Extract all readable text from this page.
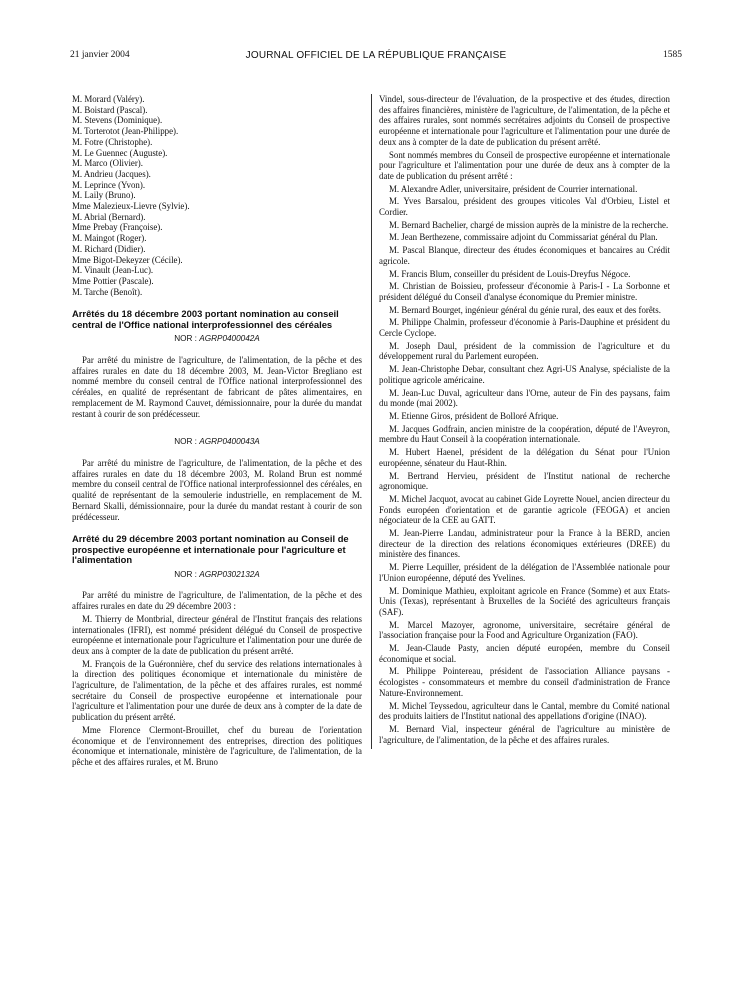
21 janvier 2004	JOURNAL OFFICIEL DE LA RÉPUBLIQUE FRANÇAISE	1585
M. Morard (Valéry).
M. Boistard (Pascal).
M. Stevens (Dominique).
M. Torterotot (Jean-Philippe).
M. Fotre (Christophe).
M. Le Guennec (Auguste).
M. Marco (Olivier).
M. Andrieu (Jacques).
M. Leprince (Yvon).
M. Laily (Bruno).
Mme Malezieux-Lievre (Sylvie).
M. Abrial (Bernard).
Mme Prebay (Françoise).
M. Maingot (Roger).
M. Richard (Didier).
Mme Bigot-Dekeyzer (Cécile).
M. Vinault (Jean-Luc).
Mme Pottier (Pascale).
M. Tarche (Benoît).
Arrêtés du 18 décembre 2003 portant nomination au conseil central de l'Office national interprofessionnel des céréales
NOR : AGRP0400042A

Par arrêté du ministre de l'agriculture, de l'alimentation, de la pêche et des affaires rurales en date du 18 décembre 2003, M. Jean-Victor Bregliano est nommé membre du conseil central de l'Office national interprofessionnel des céréales, en qualité de représentant de fabricant de pâtes alimentaires, en remplacement de M. Raymond Cauvet, démissionnaire, pour la durée du mandat restant à courir de son prédécesseur.

NOR : AGRP0400043A

Par arrêté du ministre de l'agriculture, de l'alimentation, de la pêche et des affaires rurales en date du 18 décembre 2003, M. Roland Brun est nommé membre du conseil central de l'Office national interprofessionnel des céréales, en qualité de représentant de la semoulerie industrielle, en remplacement de M. Bernard Skalli, démissionnaire, pour la durée du mandat restant à courir de son prédécesseur.

Arrêté du 29 décembre 2003 portant nomination au Conseil de prospective européenne et internationale pour l'agriculture et l'alimentation
NOR : AGRP0302132A

Par arrêté du ministre de l'agriculture, de l'alimentation, de la pêche et des affaires rurales en date du 29 décembre 2003 :

M. Thierry de Montbrial, directeur général de l'Institut français des relations internationales (IFRI), est nommé président délégué du Conseil de prospective européenne et internationale pour l'agriculture et l'alimentation pour une durée de deux ans à compter de la date de publication du présent arrêté.

M. François de la Guéronnière, chef du service des relations internationales à la direction des politiques économique et internationale du ministère de l'agriculture, de l'alimentation, de la pêche et des affaires rurales, est nommé secrétaire du Conseil de prospective européenne et internationale pour l'agriculture et l'alimentation pour une durée de deux ans à compter de la date de publication du présent arrêté.

Mme Florence Clermont-Brouillet, chef du bureau de l'orientation économique et de l'environnement des entreprises, direction des politiques économique et internationale, ministère de l'agriculture, de l'alimentation, de la pêche et des affaires rurales, et M. Bruno

Vindel, sous-directeur de l'évaluation, de la prospective et des études, direction des affaires financières, ministère de l'agriculture, de l'alimentation, de la pêche et des affaires rurales, sont nommés secrétaires adjoints du Conseil de prospective européenne et internationale pour l'agriculture et l'alimentation pour une durée de deux ans à compter de la date de publication du présent arrêté.

Sont nommés membres du Conseil de prospective européenne et internationale pour l'agriculture et l'alimentation pour une durée de deux ans à compter de la date de publication du présent arrêté :

M. Alexandre Adler, universitaire, président de Courrier international.

M. Yves Barsalou, président des groupes viticoles Val d'Orbieu, Listel et Cordier.

M. Bernard Bachelier, chargé de mission auprès de la ministre de la recherche.

M. Jean Berthezene, commissaire adjoint du Commissariat général du Plan.

M. Pascal Blanque, directeur des études économiques et bancaires au Crédit agricole.

M. Francis Blum, conseiller du président de Louis-Dreyfus Négoce.

M. Christian de Boissieu, professeur d'économie à Paris-I - La Sorbonne et président délégué du Conseil d'analyse économique du Premier ministre.

M. Bernard Bourget, ingénieur général du génie rural, des eaux et des forêts.

M. Philippe Chalmin, professeur d'économie à Paris-Dauphine et président du Cercle Cyclope.

M. Joseph Daul, président de la commission de l'agriculture et du développement rural du Parlement européen.

M. Jean-Christophe Debar, consultant chez Agri-US Analyse, spécialiste de la politique agricole américaine.

M. Jean-Luc Duval, agriculteur dans l'Orne, auteur de Fin des paysans, faim du monde (mai 2002).

M. Etienne Giros, président de Bolloré Afrique.

M. Jacques Godfrain, ancien ministre de la coopération, député de l'Aveyron, membre du Haut Conseil à la coopération internationale.

M. Hubert Haenel, président de la délégation du Sénat pour l'Union européenne, sénateur du Haut-Rhin.

M. Bertrand Hervieu, président de l'Institut national de recherche agronomique.

M. Michel Jacquot, avocat au cabinet Gide Loyrette Nouel, ancien directeur du Fonds européen d'orientation et de garantie agricole (FEOGA) et ancien négociateur de la CEE au GATT.

M. Jean-Pierre Landau, administrateur pour la France à la BERD, ancien directeur de la direction des relations économiques extérieures (DREE) du ministère des finances.

M. Pierre Lequiller, président de la délégation de l'Assemblée nationale pour l'Union européenne, député des Yvelines.

M. Dominique Mathieu, exploitant agricole en France (Somme) et aux Etats-Unis (Texas), représentant à Bruxelles de la Société des agriculteurs français (SAF).

M. Marcel Mazoyer, agronome, universitaire, secrétaire général de l'association française pour la Food and Agriculture Organization (FAO).

M. Jean-Claude Pasty, ancien député européen, membre du Conseil économique et social.

M. Philippe Pointereau, président de l'association Alliance paysans - écologistes - consommateurs et membre du conseil d'administration de France Nature-Environnement.

M. Michel Teyssedou, agriculteur dans le Cantal, membre du Comité national des produits laitiers de l'Institut national des appellations d'origine (INAO).

M. Bernard Vial, inspecteur général de l'agriculture au ministère de l'agriculture, de l'alimentation, de la pêche et des affaires rurales.
